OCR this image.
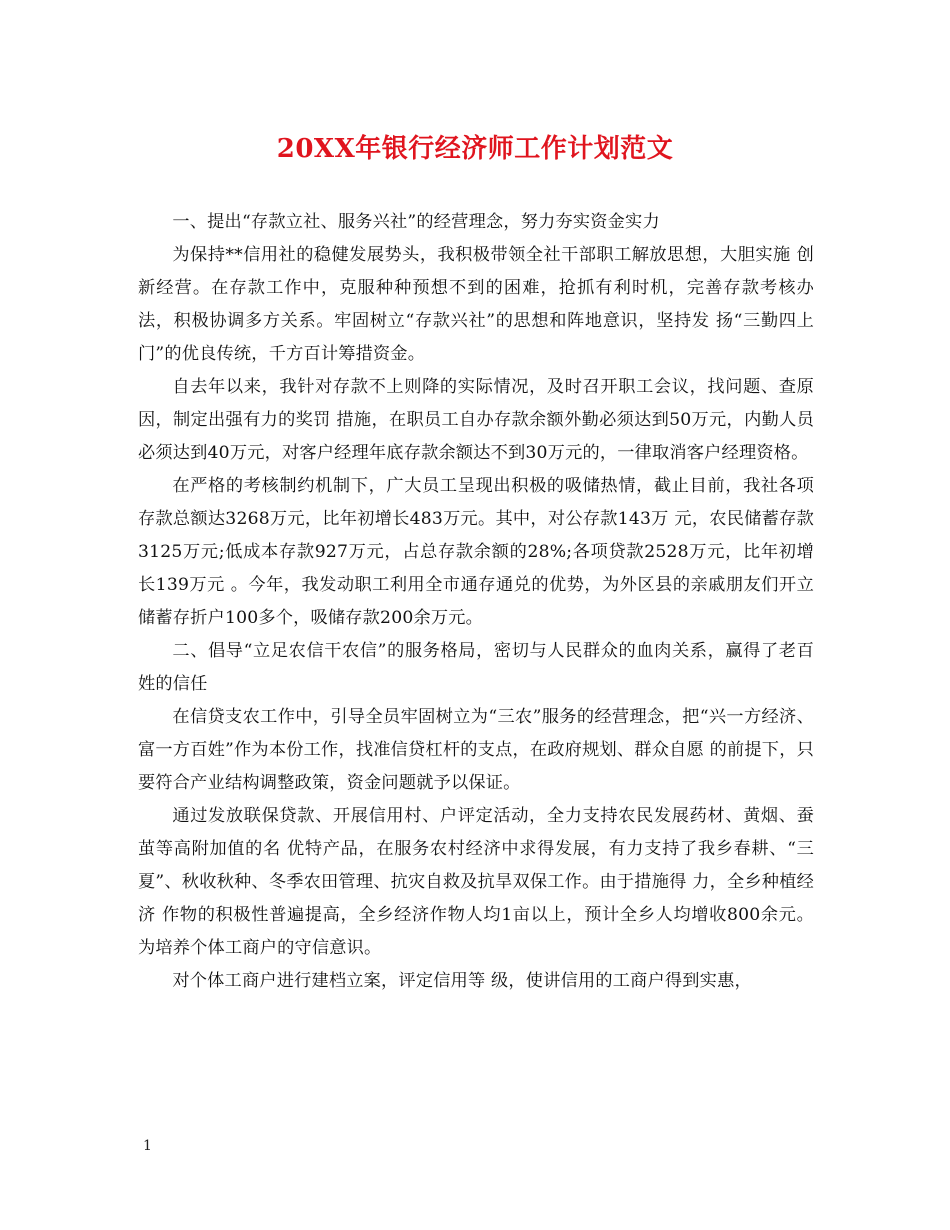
20XX年银行经济师工作计划范文

一、提出“存款立社、服务兴社”的经营理念，努力夯实资金实力

为保持**信用社的稳健发展势头，我积极带领全社干部职工解放思想，大胆实施 创新经营。在存款工作中，克服种种预想不到的困难，抢抓有利时机，完善存款考核办法，积极协调多方关系。牢固树立“存款兴社”的思想和阵地意识，坚持发 扬“三勤四上门”的优良传统，千方百计筹措资金。

自去年以来，我针对存款不上则降的实际情况，及时召开职工会议，找问题、查原因，制定出强有力的奖罚 措施，在职员工自办存款余额外勤必须达到50万元，内勤人员必须达到40万元，对客户经理年底存款余额达不到30万元的，一律取消客户经理资格。

在严格的考核制约机制下，广大员工呈现出积极的吸储热情，截止目前，我社各项存款总额达3268万元，比年初增长483万元。其中，对公存款143万 元，农民储蓄存款3125万元;低成本存款927万元，占总存款余额的28%;各项贷款2528万元，比年初增长139万元 。今年，我发动职工利用全市通存通兑的优势，为外区县的亲戚朋友们开立储蓄存折户100多个，吸储存款200余万元。

二、倡导“立足农信干农信”的服务格局，密切与人民群众的血肉关系，赢得了老百姓的信任

在信贷支农工作中，引导全员牢固树立为“三农”服务的经营理念，把“兴一方经济、富一方百姓”作为本份工作，找准信贷杠杆的支点，在政府规划、群众自愿 的前提下，只要符合产业结构调整政策，资金问题就予以保证。

通过发放联保贷款、开展信用村、户评定活动，全力支持农民发展药材、黄烟、蚕茧等高附加值的名 优特产品，在服务农村经济中求得发展，有力支持了我乡春耕、“三夏”、秋收秋种、冬季农田管理、抗灾自救及抗旱双保工作。由于措施得 力，全乡种植经济 作物的积极性普遍提高，全乡经济作物人均1亩以上，预计全乡人均增收800余元。为培养个体工商户的守信意识。

对个体工商户进行建档立案，评定信用等 级，使讲信用的工商户得到实惠，

1
